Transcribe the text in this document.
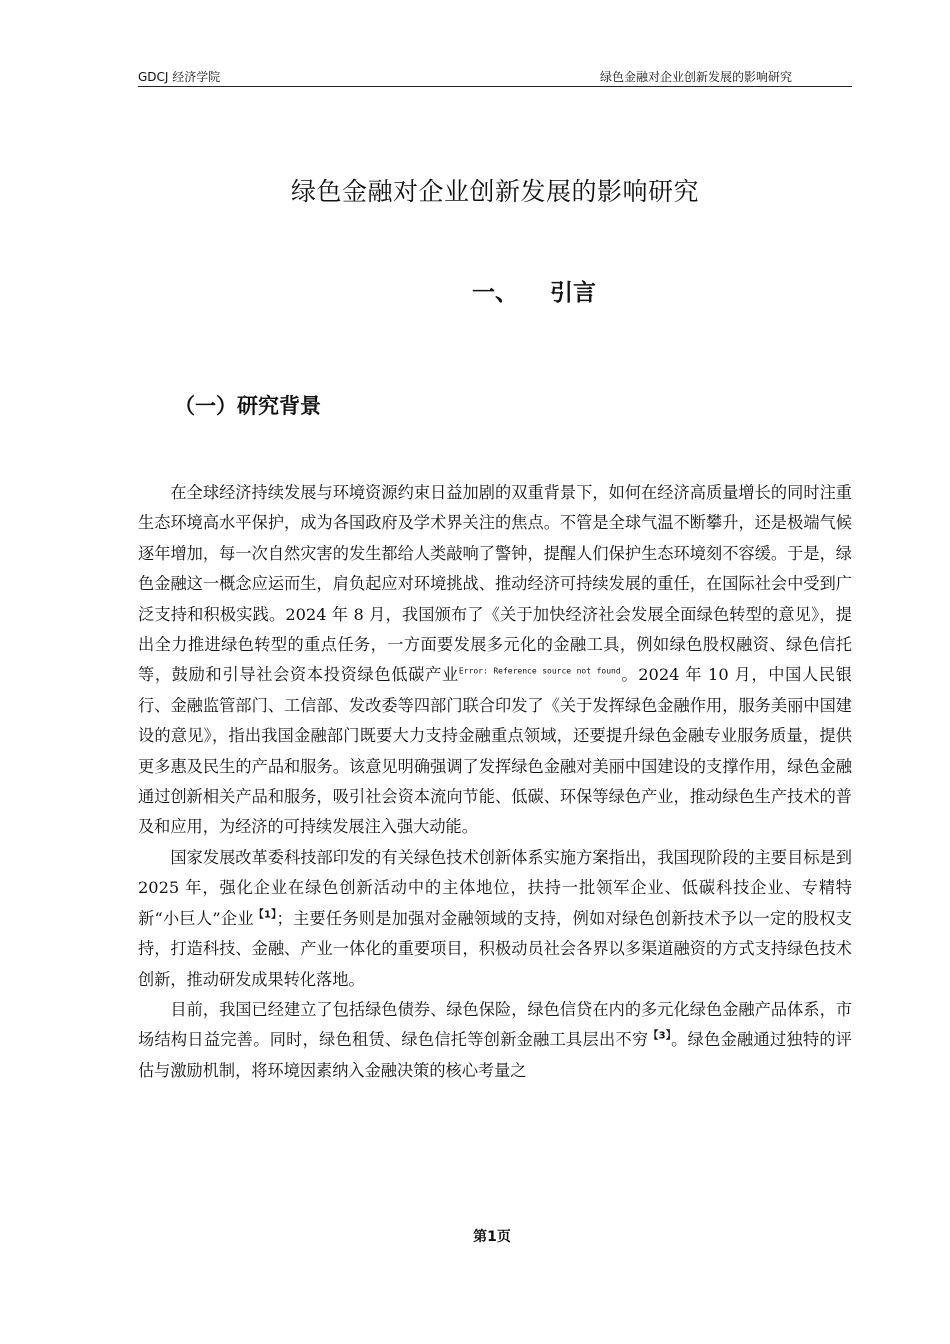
GDCJ 经济学院	绿色金融对企业创新发展的影响研究
绿色金融对企业创新发展的影响研究
一、 引言
（一）研究背景

在全球经济持续发展与环境资源约束日益加剧的双重背景下，如何在经济高质量增长的同时注重生态环境高水平保护，成为各国政府及学术界关注的焦点。不管是全球气温不断攀升，还是极端气候逐年增加，每一次自然灾害的发生都给人类敲响了警钟，提醒人们保护生态环境刻不容缓。于是，绿色金融这一概念应运而生，肩负起应对环境挑战、推动经济可持续发展的重任，在国际社会中受到广泛支持和积极实践。2024 年 8 月，我国颁布了《关于加快经济社会发展全面绿色转型的意见》，提出全力推进绿色转型的重点任务，一方面要发展多元化的金融工具，例如绿色股权融资、绿色信托等，鼓励和引导社会资本投资绿色低碳产业$^{Error: Reference source not found}$。2024 年 10 月，中国人民银行、金融监管部门、工信部、发改委等四部门联合印发了《关于发挥绿色金融作用，服务美丽中国建设的意见》，指出我国金融部门既要大力支持金融重点领域，还要提升绿色金融专业服务质量，提供更多惠及民生的产品和服务。该意见明确强调了发挥绿色金融对美丽中国建设的支撑作用，绿色金融通过创新相关产品和服务，吸引社会资本流向节能、低碳、环保等绿色产业，推动绿色生产技术的普及和应用，为经济的可持续发展注入强大动能。

国家发展改革委科技部印发的有关绿色技术创新体系实施方案指出，我国现阶段的主要目标是到 2025 年，强化企业在绿色创新活动中的主体地位，扶持一批领军企业、低碳科技企业、专精特新“小巨人”企业$^{【1】}$；主要任务则是加强对金融领域的支持，例如对绿色创新技术予以一定的股权支持，打造科技、金融、产业一体化的重要项目，积极动员社会各界以多渠道融资的方式支持绿色技术创新，推动研发成果转化落地。

目前，我国已经建立了包括绿色债券、绿色保险，绿色信贷在内的多元化绿色金融产品体系，市场结构日益完善。同时，绿色租赁、绿色信托等创新金融工具层出不穷$^{【3】}$。绿色金融通过独特的评估与激励机制，将环境因素纳入金融决策的核心考量之

第1页
